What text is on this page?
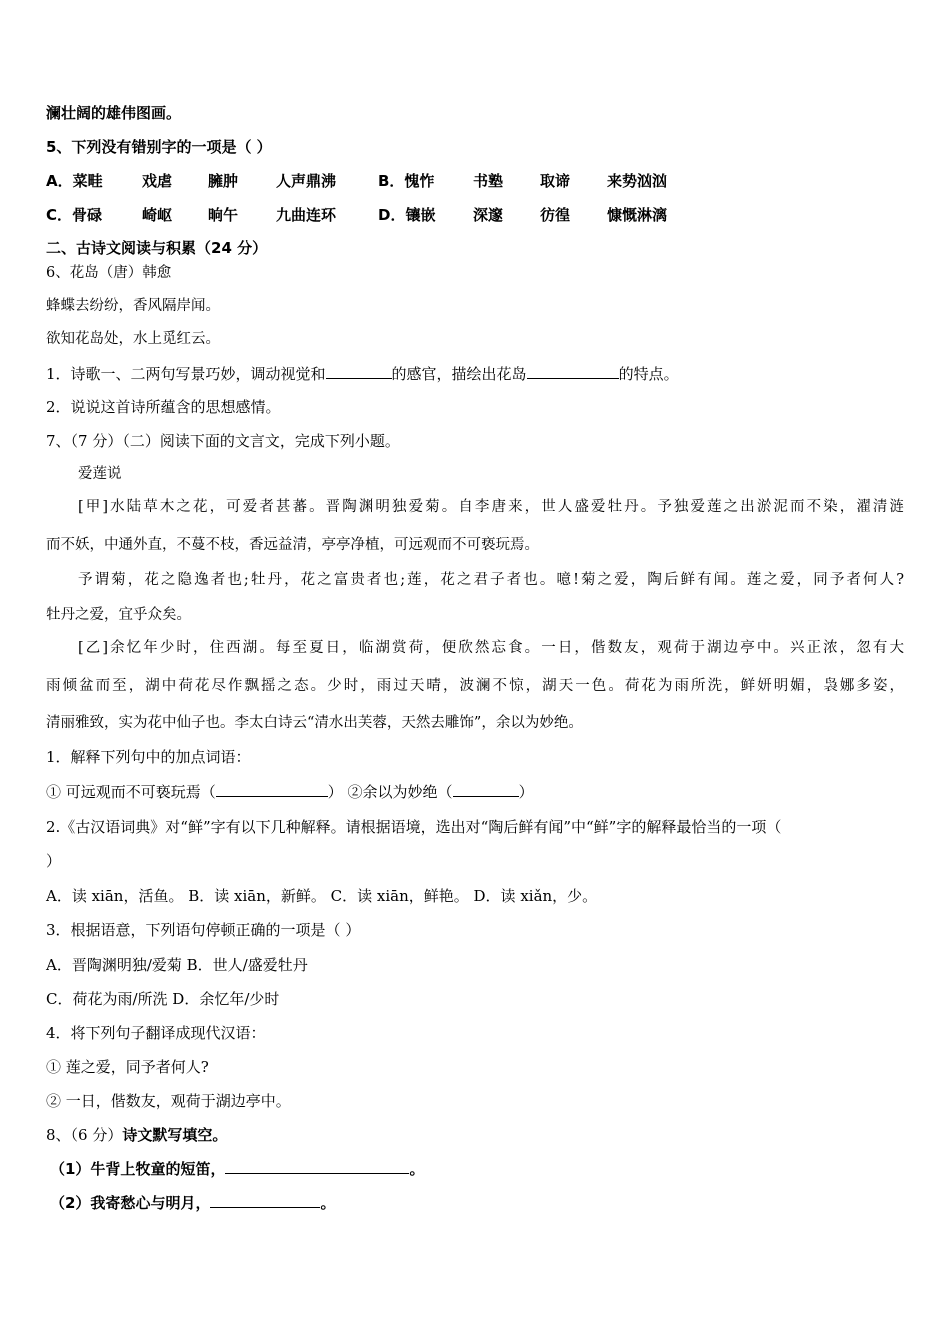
澜壮阔的雄伟图画。
5、下列没有错别字的一项是（ ）
A．菜畦	戏虐 臃肿	人声鼎沸	B．愧怍	书塾 取谛 来势汹汹
C．骨碌	崎岖 晌午	九曲连环	D．镶嵌	深邃 彷徨 慷慨淋漓
二、古诗文阅读与积累（24 分）
6、花岛（唐）韩愈
蜂蝶去纷纷，香风隔岸闻。
欲知花岛处，水上觅红云。
1．诗歌一、二两句写景巧妙，调动视觉和	的感官，描绘出花岛	的特点。
2．说说这首诗所蕴含的思想感情。
7、（7 分）（二）阅读下面的文言文，完成下列小题。
爱莲说
[甲]水陆草木之花，可爱者甚蕃。晋陶渊明独爱菊。自李唐来，世人盛爱牡丹。予独爱莲之出淤泥而不染，濯清涟
而不妖，中通外直，不蔓不枝，香远益清，亭亭净植，可远观而不可亵玩焉。
予谓菊，花之隐逸者也;牡丹，花之富贵者也;莲，花之君子者也。噫!菊之爱，陶后鲜有闻。莲之爱，同予者何人?
牡丹之爱，宜乎众矣。
[乙]余忆年少时，住西湖。每至夏日，临湖赏荷，便欣然忘食。一日，偕数友，观荷于湖边亭中。兴正浓，忽有大
雨倾盆而至，湖中荷花尽作飘摇之态。少时，雨过天晴，波澜不惊，湖天一色。荷花为雨所洗，鲜妍明媚，袅娜多姿，
清丽雅致，实为花中仙子也。李太白诗云“清水出芙蓉，天然去雕饰”，余以为妙绝。
1．解释下列句中的加点词语：
① 可远观而不可亵玩焉（	） ②余以为妙绝（	）
2.《古汉语词典》对“鲜”字有以下几种解释。请根据语境，选出对“陶后鲜有闻”中“鲜”字的解释最恰当的一项（
）
A．读 xiān，活鱼。 B．读 xiān，新鲜。 C．读 xiān，鲜艳。 D．读 xiǎn，少。
3．根据语意，下列语句停顿正确的一项是（ ）
A．晋陶渊明独/爱菊 B．世人/盛爱牡丹
C．荷花为雨/所洗 D．余忆年/少时
4．将下列句子翻译成现代汉语：
① 莲之爱，同予者何人?
② 一日，偕数友，观荷于湖边亭中。
8、（6 分）诗文默写填空。
（1）牛背上牧童的短笛，	。
（2）我寄愁心与明月，	。
